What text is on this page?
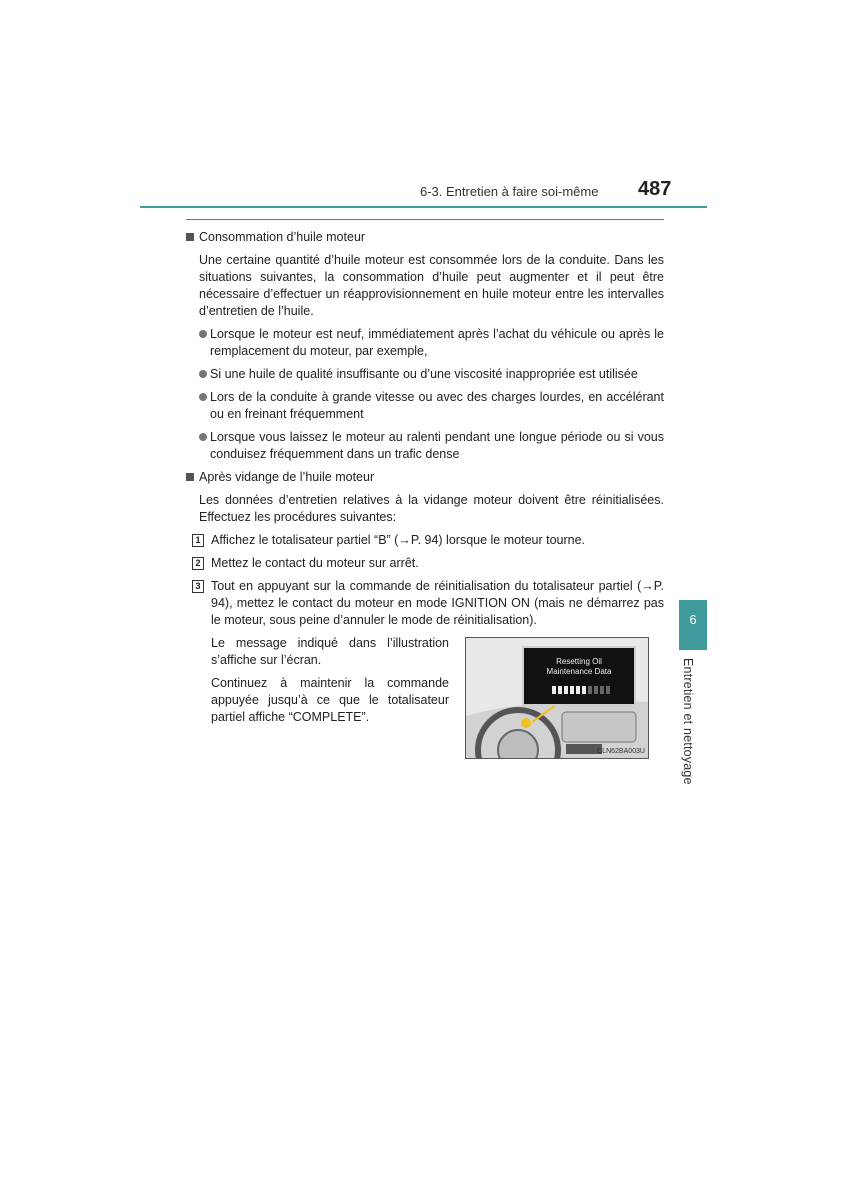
6-3. Entretien à faire soi-même 487
6
Entretien et nettoyage
Consommation d’huile moteur

Une certaine quantité d’huile moteur est consommée lors de la conduite. Dans les situations suivantes, la consommation d’huile peut augmenter et il peut être nécessaire d’effectuer un réapprovisionnement en huile moteur entre les intervalles d’entretien de l’huile.

Lorsque le moteur est neuf, immédiatement après l’achat du véhicule ou après le remplacement du moteur, par exemple,
Si une huile de qualité insuffisante ou d’une viscosité inappropriée est utilisée
Lors de la conduite à grande vitesse ou avec des charges lourdes, en accélérant ou en freinant fréquemment
Lorsque vous laissez le moteur au ralenti pendant une longue période ou si vous conduisez fréquemment dans un trafic dense
Après vidange de l’huile moteur

Les données d’entretien relatives à la vidange moteur doivent être réinitialisées. Effectuez les procédures suivantes:

1 Affichez le totalisateur partiel “B” (→P. 94) lorsque le moteur tourne.
2 Mettez le contact du moteur sur arrêt.
3 Tout en appuyant sur la commande de réinitialisation du totalisateur partiel (→P. 94), mettez le contact du moteur en mode IGNITION ON (mais ne démarrez pas le moteur, sous peine d’annuler le mode de réinitialisation).

Le message indiqué dans l’illustration s’affiche sur l’écran.

Continuez à maintenir la commande appuyée jusqu’à ce que le totalisateur partiel affiche “COMPLETE”.

Resetting Oil
Maintenance Data
CLN62BA003U
